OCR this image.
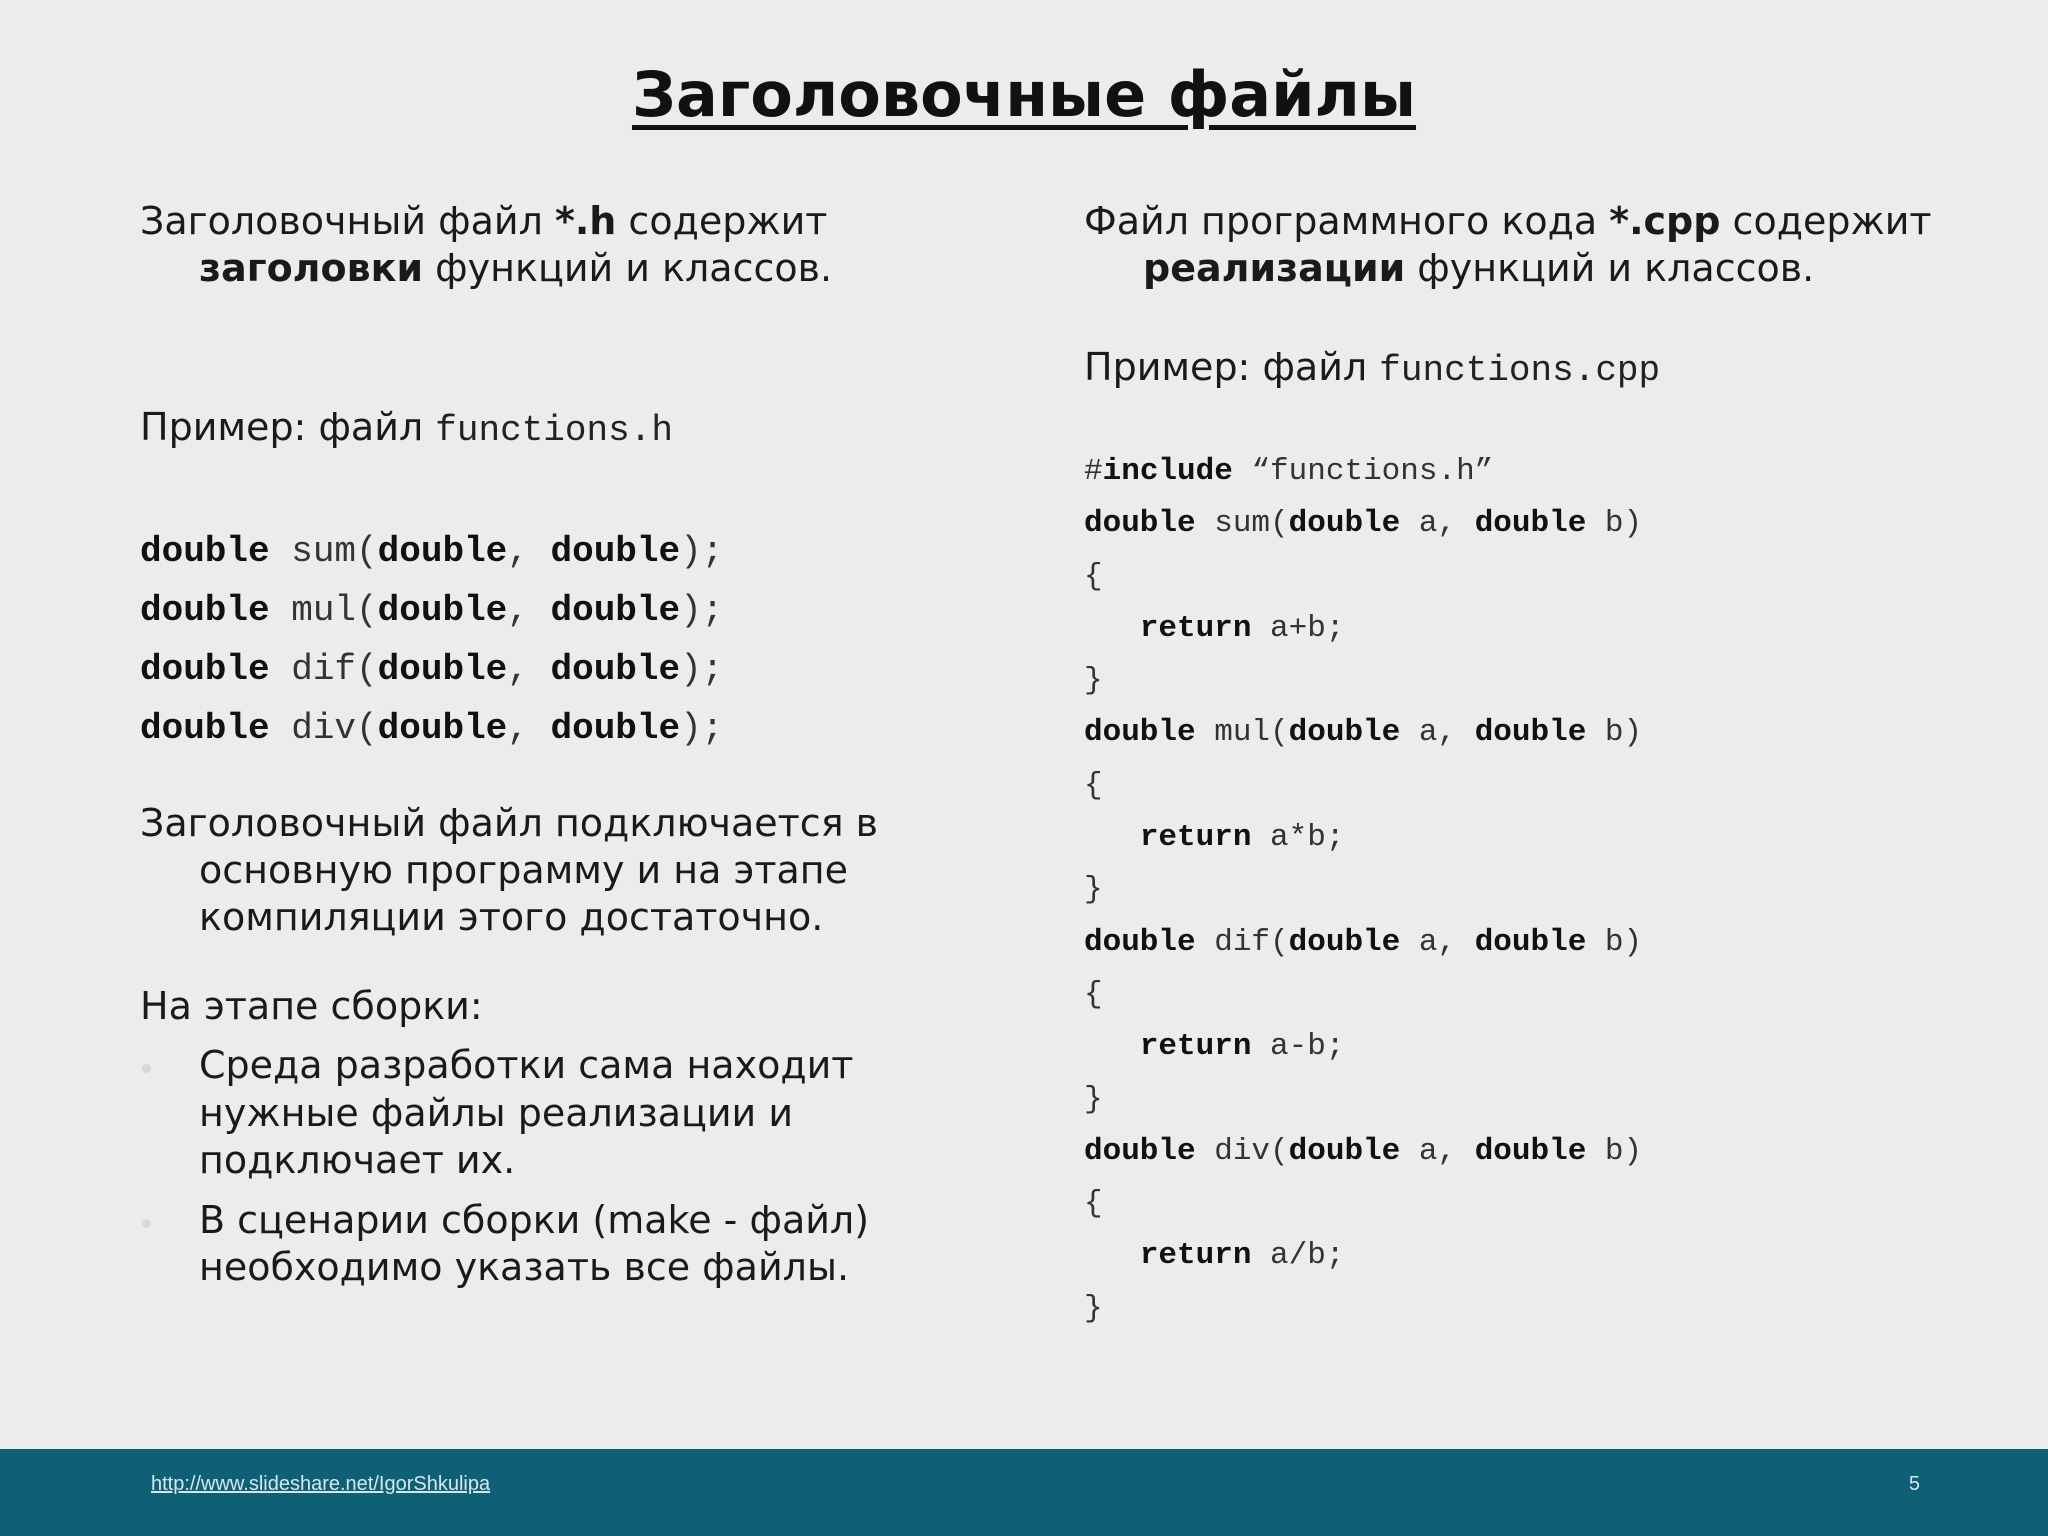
Заголовочные файлы

Заголовочный файл *.h содержит заголовки функций и классов.

Пример: файл functions.h

double sum(double, double);
double mul(double, double);
double dif(double, double);
double div(double, double);

Заголовочный файл подключается в основную программу и на этапе компиляции этого достаточно.

На этапе сборки:

Среда разработки сама находит нужные файлы реализации и подключает их.
В сценарии сборки (make - файл) необходимо указать все файлы.

Файл программного кода *.cpp содержит реализации функций и классов.

Пример: файл functions.cpp

#include “functions.h”
double sum(double a, double b)
{
return a+b;
}
double mul(double a, double b)
{
return a*b;
}
double dif(double a, double b)
{
return a-b;
}
double div(double a, double b)
{
return a/b;
}
http://www.slideshare.net/IgorShkulipa	5
